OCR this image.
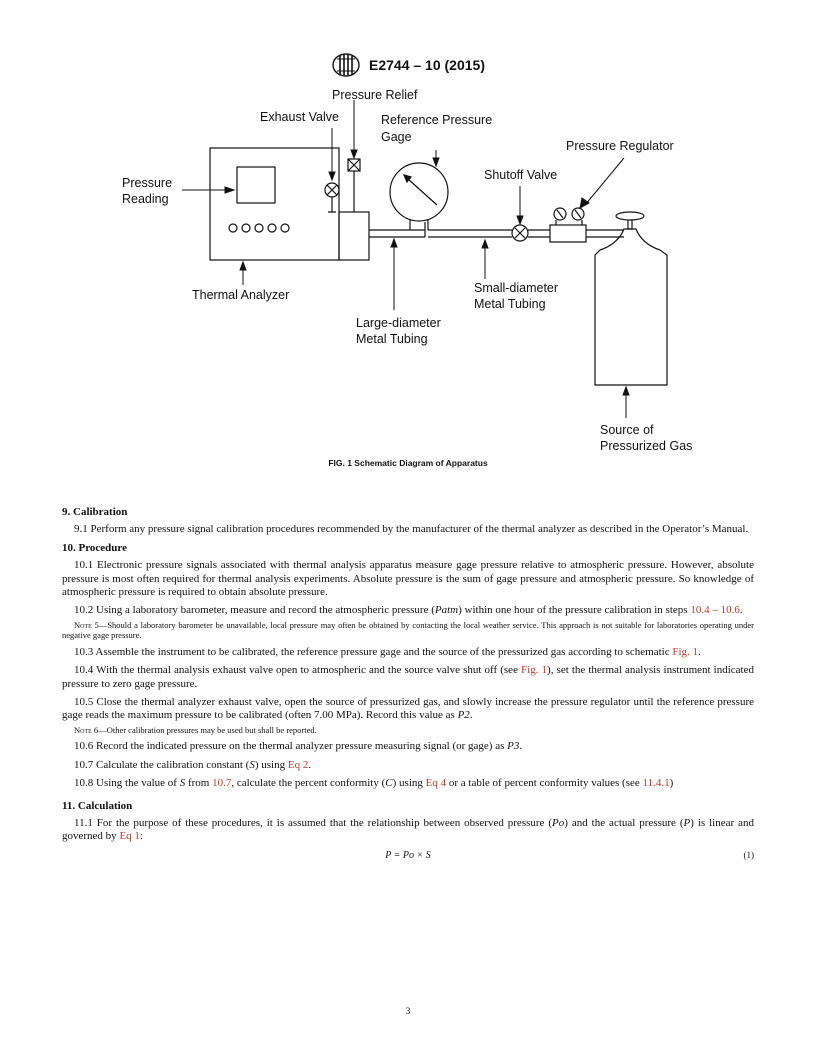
E2744 – 10 (2015)
Pressure Relief
Exhaust Valve	Reference Pressure
Gage
Pressure Regulator
Shutoff Valve
Pressure
Reading
Thermal Analyzer	Small-diameter
Metal Tubing
Large-diameter
Metal Tubing
Source of
Pressurized Gas
FIG. 1 Schematic Diagram of Apparatus
9. Calibration

9.1 Perform any pressure signal calibration procedures recommended by the manufacturer of the thermal analyzer as described in the Operator’s Manual.

10. Procedure

10.1 Electronic pressure signals associated with thermal analysis apparatus measure gage pressure relative to atmospheric pressure. However, absolute pressure is most often required for thermal analysis experiments. Absolute pressure is the sum of gage pressure and atmospheric pressure. So knowledge of atmospheric pressure is required to obtain absolute pressure.

10.2 Using a laboratory barometer, measure and record the atmospheric pressure (Patm) within one hour of the pressure calibration in steps 10.4 – 10.6.

Note 5—Should a laboratory barometer be unavailable, local pressure may often be obtained by contacting the local weather service. This approach is not suitable for laboratories operating under negative gage pressure.

10.3 Assemble the instrument to be calibrated, the reference pressure gage and the source of the pressurized gas according to schematic Fig. 1.

10.4 With the thermal analysis exhaust valve open to atmospheric and the source valve shut off (see Fig. 1), set the thermal analysis instrument indicated pressure to zero gage pressure.

10.5 Close the thermal analyzer exhaust valve, open the source of pressurized gas, and slowly increase the pressure regulator until the reference pressure gage reads the maximum pressure to be calibrated (often 7.00 MPa). Record this value as P2.

Note 6—Other calibration pressures may be used but shall be reported.

10.6 Record the indicated pressure on the thermal analyzer pressure measuring signal (or gage) as P3.

10.7 Calculate the calibration constant (S) using Eq 2.

10.8 Using the value of S from 10.7, calculate the percent conformity (C) using Eq 4 or a table of percent conformity values (see 11.4.1)

11. Calculation

11.1 For the purpose of these procedures, it is assumed that the relationship between observed pressure (Po) and the actual pressure (P) is linear and governed by Eq 1:

P = Po × S	(1)
3
